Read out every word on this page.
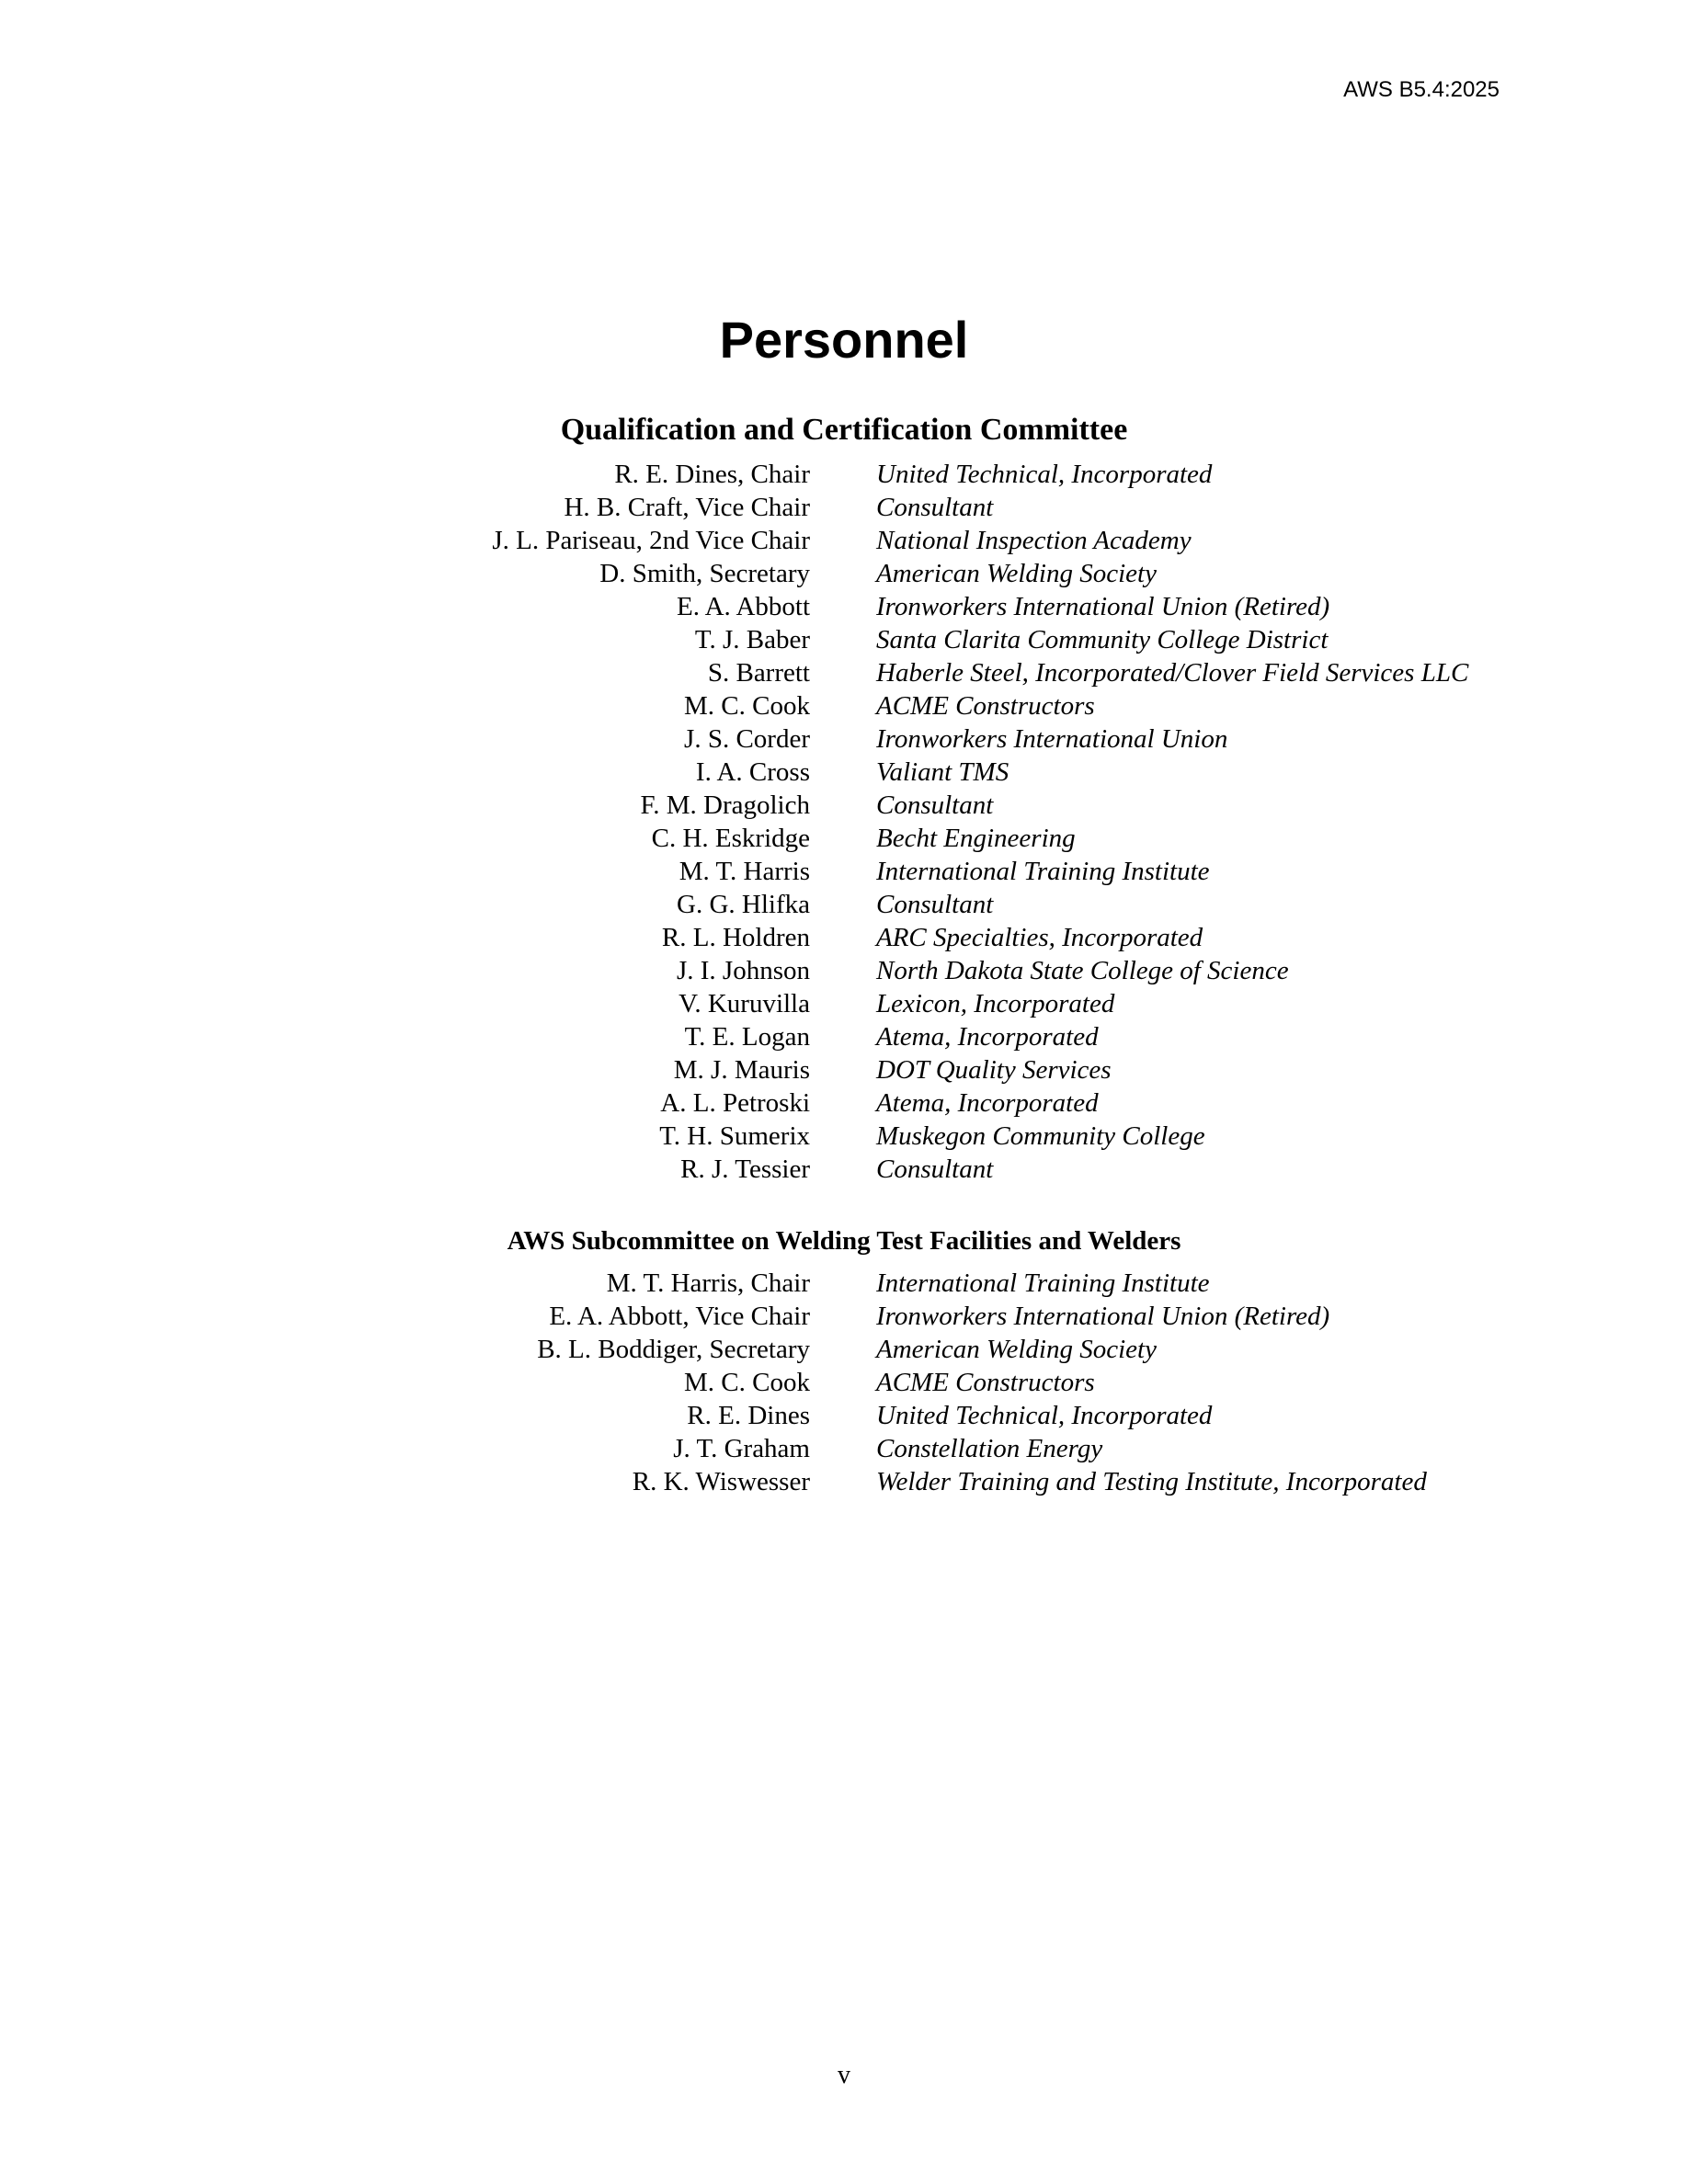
AWS B5.4:2025
Personnel
Qualification and Certification Committee
R. E. Dines, Chair United Technical, Incorporated
H. B. Craft, Vice Chair Consultant
J. L. Pariseau, 2nd Vice Chair National Inspection Academy
D. Smith, Secretary American Welding Society
E. A. Abbott Ironworkers International Union (Retired)
T. J. Baber Santa Clarita Community College District
S. Barrett Haberle Steel, Incorporated/Clover Field Services LLC
M. C. Cook ACME Constructors
J. S. Corder Ironworkers International Union
I. A. Cross Valiant TMS
F. M. Dragolich Consultant
C. H. Eskridge Becht Engineering
M. T. Harris International Training Institute
G. G. Hlifka Consultant
R. L. Holdren ARC Specialties, Incorporated
J. I. Johnson North Dakota State College of Science
V. Kuruvilla Lexicon, Incorporated
T. E. Logan Atema, Incorporated
M. J. Mauris DOT Quality Services
A. L. Petroski Atema, Incorporated
T. H. Sumerix Muskegon Community College
R. J. Tessier Consultant
AWS Subcommittee on Welding Test Facilities and Welders
M. T. Harris, Chair International Training Institute
E. A. Abbott, Vice Chair Ironworkers International Union (Retired)
B. L. Boddiger, Secretary American Welding Society
M. C. Cook ACME Constructors
R. E. Dines United Technical, Incorporated
J. T. Graham Constellation Energy
R. K. Wiswesser Welder Training and Testing Institute, Incorporated
v
